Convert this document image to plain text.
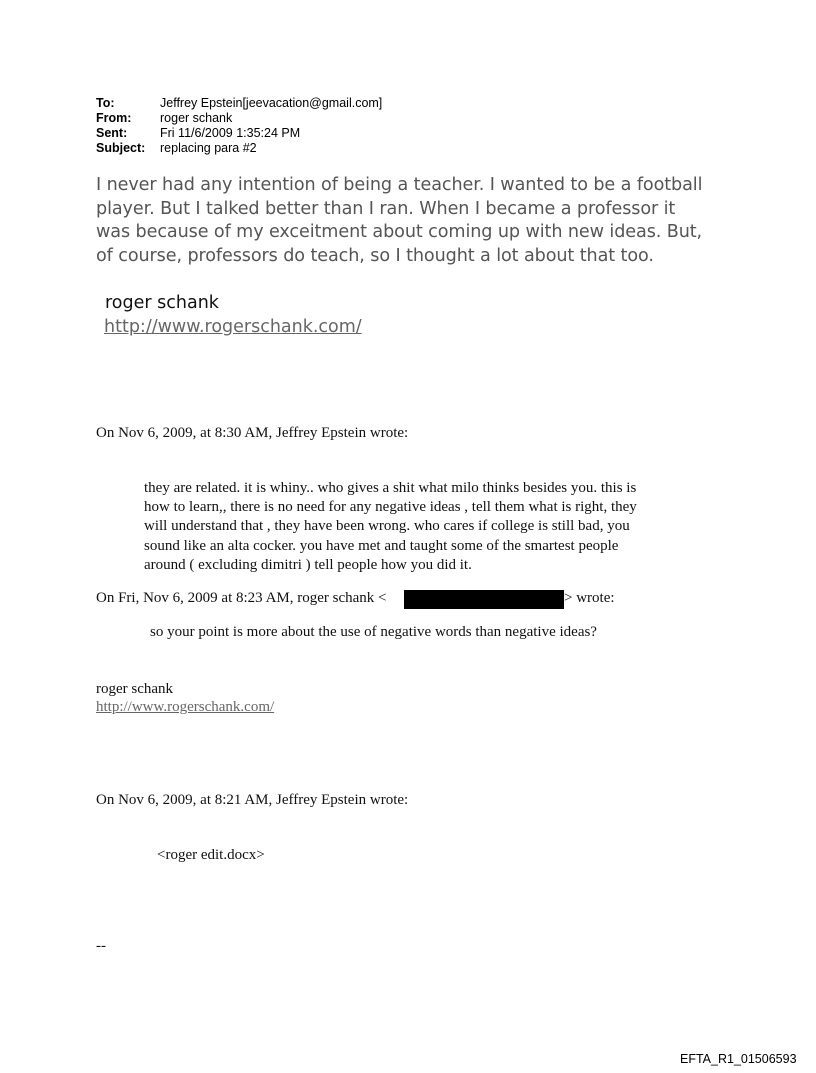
To:	Jeffrey Epstein[jeevacation@gmail.com]
From:	roger schank
Sent:	Fri 11/6/2009 1:35:24 PM
Subject:	replacing para #2
I never had any intention of being a teacher. I wanted to be a football
player. But I talked better than I ran. When I became a professor it
was because of my exceitment about coming up with new ideas. But,
of course, professors do teach, so I thought a lot about that too.
roger schank
http://www.rogerschank.com/
On Nov 6, 2009, at 8:30 AM, Jeffrey Epstein wrote:
they are related. it is whiny.. who gives a shit what milo thinks besides you. this is
how to learn,, there is no need for any negative ideas , tell them what is right, they
will understand that , they have been wrong. who cares if college is still bad, you
sound like an alta cocker. you have met and taught some of the smartest people
around ( excluding dimitri ) tell people how you did it.
On Fri, Nov 6, 2009 at 8:23 AM, roger schank <	> wrote:
so your point is more about the use of negative words than negative ideas?
roger schank
http://www.rogerschank.com/
On Nov 6, 2009, at 8:21 AM, Jeffrey Epstein wrote:
<roger edit.docx>
--
EFTA_R1_01506593
